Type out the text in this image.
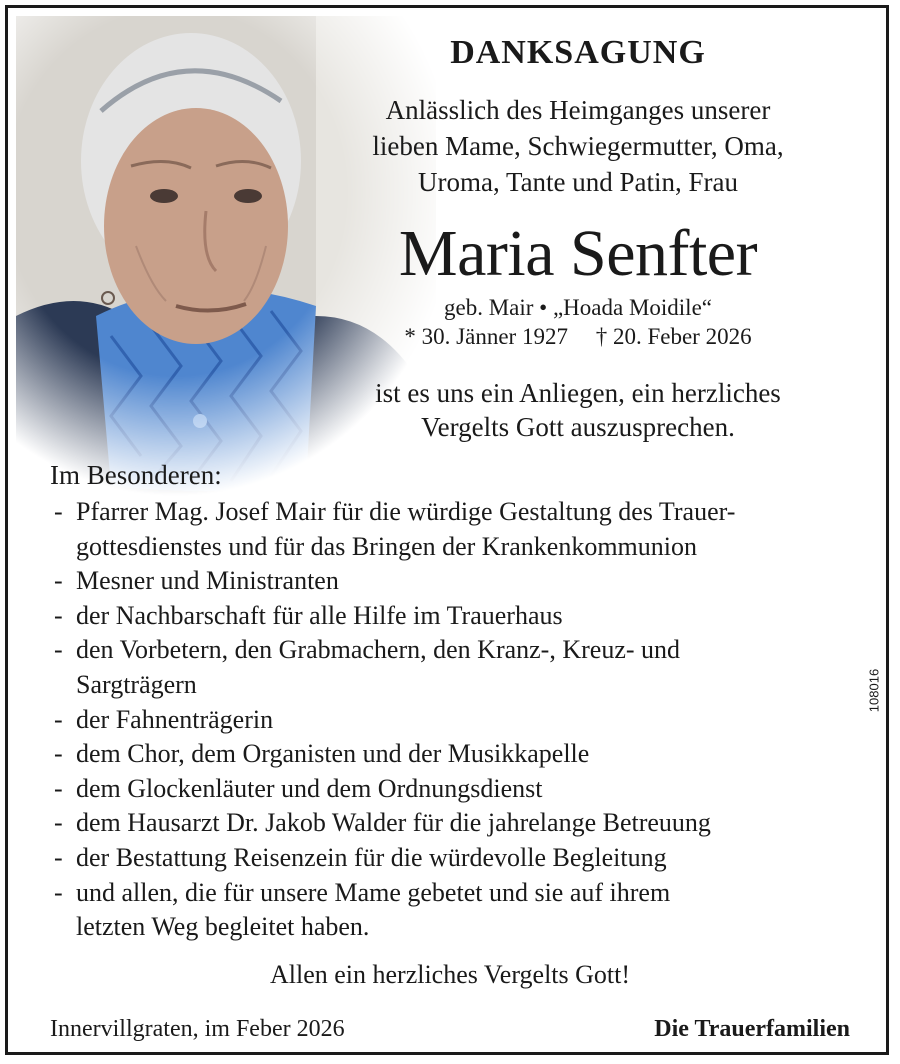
DANKSAGUNG
Anlässlich des Heimganges unserer
lieben Mame, Schwiegermutter, Oma,
Uroma, Tante und Patin, Frau
Maria Senfter
geb. Mair • „Hoada Moidile“
* 30. Jänner 1927 † 20. Feber 2026
ist es uns ein Anliegen, ein herzliches
Vergelts Gott auszusprechen.
Im Besonderen:
- Pfarrer Mag. Josef Mair für die würdige Gestaltung des Trauer-
gottesdienstes und für das Bringen der Krankenkommunion
- Mesner und Ministranten
- der Nachbarschaft für alle Hilfe im Trauerhaus
- den Vorbetern, den Grabmachern, den Kranz-, Kreuz- und
Sargträgern
- der Fahnenträgerin
- dem Chor, dem Organisten und der Musikkapelle
- dem Glockenläuter und dem Ordnungsdienst
- dem Hausarzt Dr. Jakob Walder für die jahrelange Betreuung
- der Bestattung Reisenzein für die würdevolle Begleitung
- und allen, die für unsere Mame gebetet und sie auf ihrem
letzten Weg begleitet haben.
Allen ein herzliches Vergelts Gott!
Innervillgraten, im Feber 2026	Die Trauerfamilien
108016
